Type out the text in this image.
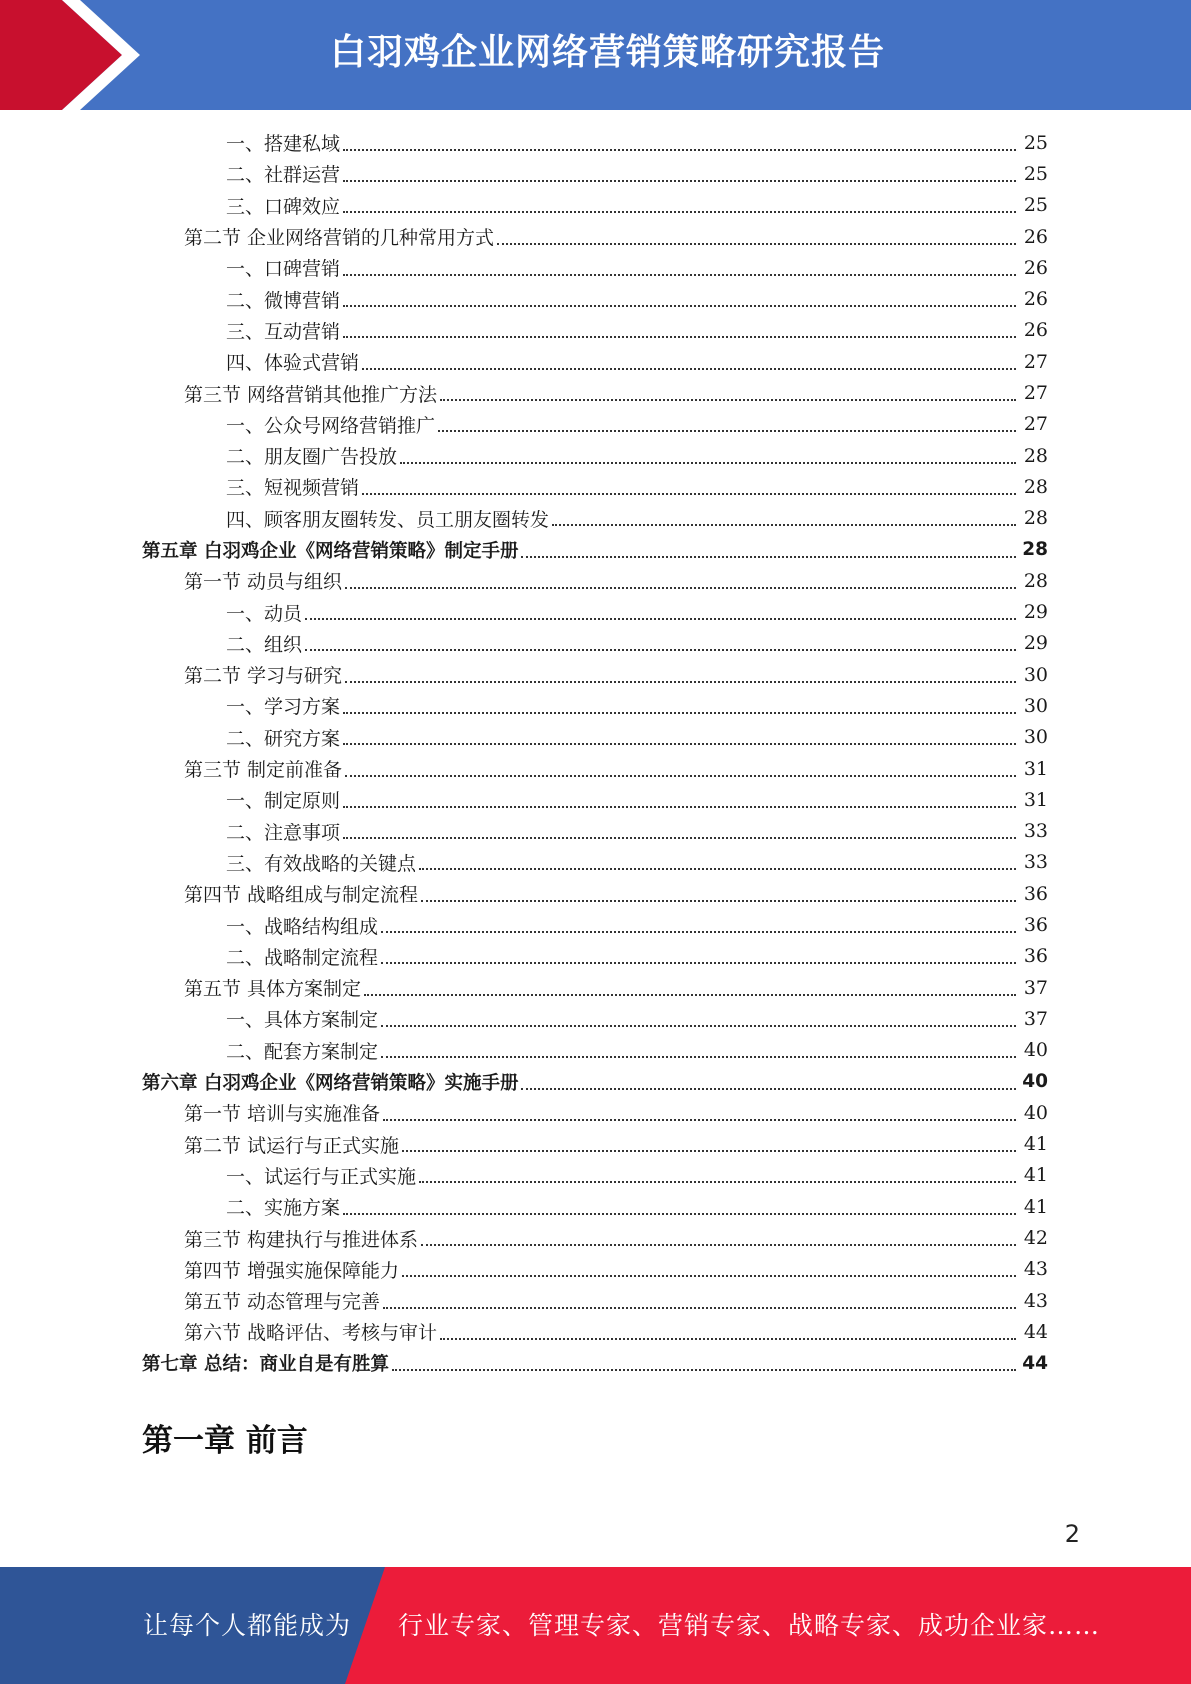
白羽鸡企业网络营销策略研究报告
一、搭建私域	25
二、社群运营	25
三、口碑效应	25
第二节 企业网络营销的几种常用方式	26
一、口碑营销	26
二、微博营销	26
三、互动营销	26
四、体验式营销	27
第三节 网络营销其他推广方法	27
一、公众号网络营销推广	27
二、朋友圈广告投放	28
三、短视频营销	28
四、顾客朋友圈转发、员工朋友圈转发	28
第五章 白羽鸡企业《网络营销策略》制定手册	28
第一节 动员与组织	28
一、动员	29
二、组织	29
第二节 学习与研究	30
一、学习方案	30
二、研究方案	30
第三节 制定前准备	31
一、制定原则	31
二、注意事项	33
三、有效战略的关键点	33
第四节 战略组成与制定流程	36
一、战略结构组成	36
二、战略制定流程	36
第五节 具体方案制定	37
一、具体方案制定	37
二、配套方案制定	40
第六章 白羽鸡企业《网络营销策略》实施手册	40
第一节 培训与实施准备	40
第二节 试运行与正式实施	41
一、试运行与正式实施	41
二、实施方案	41
第三节 构建执行与推进体系	42
第四节 增强实施保障能力	43
第五节 动态管理与完善	43
第六节 战略评估、考核与审计	44
第七章 总结：商业自是有胜算	44
第一章 前言
2
让每个人都能成为 行业专家、管理专家、营销专家、战略专家、成功企业家……
